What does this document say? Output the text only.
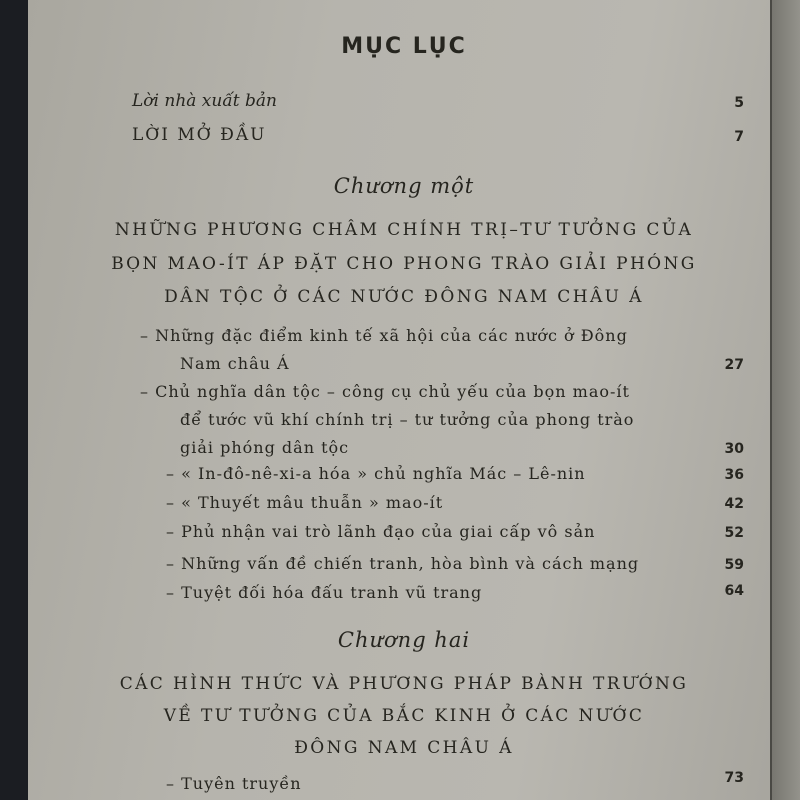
MỤC LỤC
Lời nhà xuất bản	5
LỜI MỞ ĐẦU	7
Chương một
NHỮNG PHƯƠNG CHÂM CHÍNH TRỊ–TƯ TƯỞNG CỦA
BỌN MAO-ÍT ÁP ĐẶT CHO PHONG TRÀO GIẢI PHÓNG
DÂN TỘC Ở CÁC NƯỚC ĐÔNG NAM CHÂU Á
– Những đặc điểm kinh tế xã hội của các nước ở Đông
Nam châu Á	27
– Chủ nghĩa dân tộc – công cụ chủ yếu của bọn mao-ít
để tước vũ khí chính trị – tư tưởng của phong trào
giải phóng dân tộc	30
– « In-đô-nê-xi-a hóa » chủ nghĩa Mác – Lê-nin	36
– « Thuyết mâu thuẫn » mao-ít	42
– Phủ nhận vai trò lãnh đạo của giai cấp vô sản	52
– Những vấn đề chiến tranh, hòa bình và cách mạng	59
– Tuyệt đối hóa đấu tranh vũ trang	64
Chương hai
CÁC HÌNH THỨC VÀ PHƯƠNG PHÁP BÀNH TRƯỚNG
VỀ TƯ TƯỞNG CỦA BẮC KINH Ở CÁC NƯỚC
ĐÔNG NAM CHÂU Á
– Tuyên truyền	73
